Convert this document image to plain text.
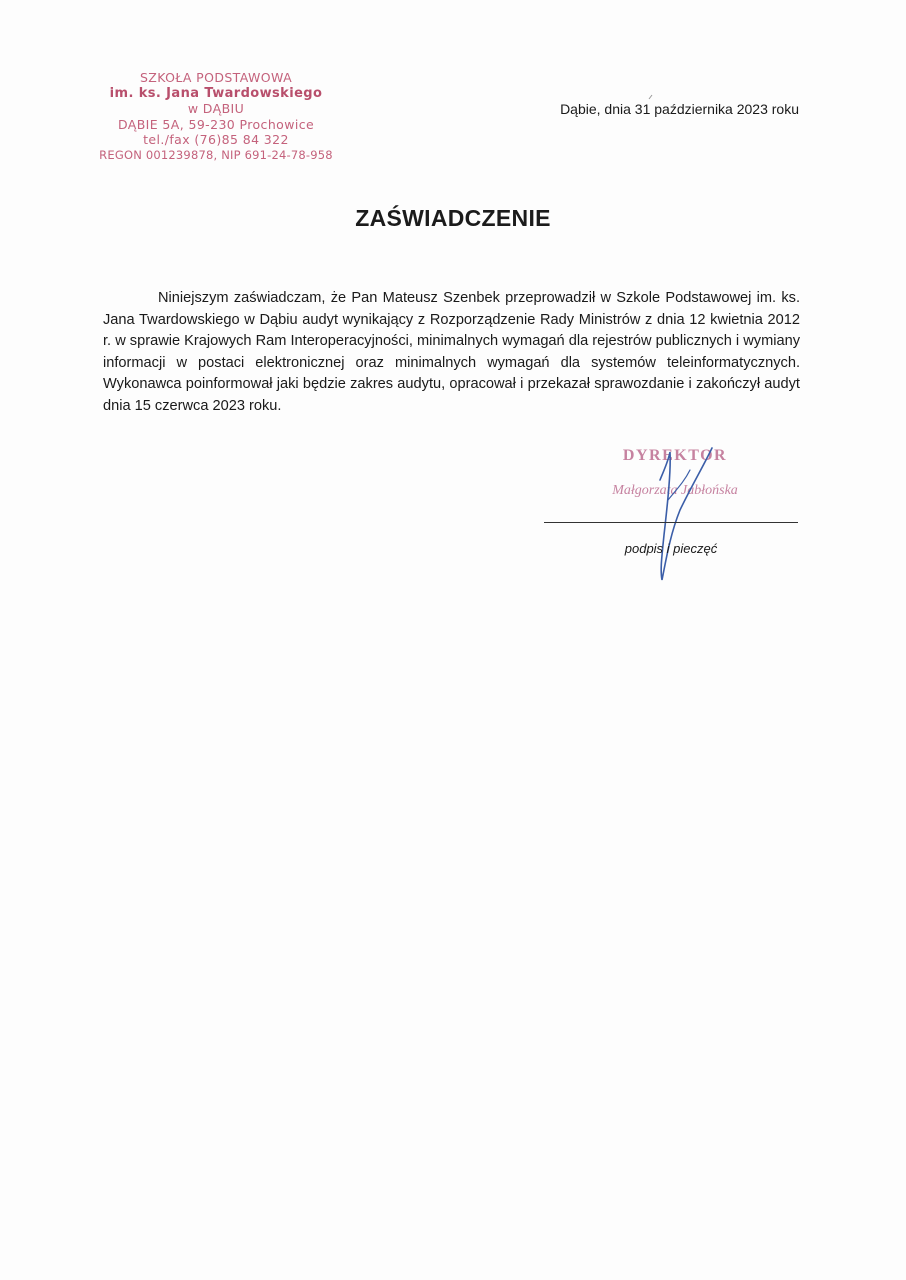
SZKOŁA PODSTAWOWA
im. ks. Jana Twardowskiego
w DĄBIU
DĄBIE 5A, 59-230 Prochowice
tel./fax (76)85 84 322
REGON 001239878, NIP 691-24-78-958
Dąbie, dnia 31 października 2023 roku
ZAŚWIADCZENIE

Niniejszym zaświadczam, że Pan Mateusz Szenbek przeprowadził w Szkole Podstawowej im. ks. Jana Twardowskiego w Dąbiu audyt wynikający z Rozporządzenie Rady Ministrów z dnia 12 kwietnia 2012 r. w sprawie Krajowych Ram Interoperacyjności, minimalnych wymagań dla rejestrów publicznych i wymiany informacji w postaci elektronicznej oraz minimalnych wymagań dla systemów teleinformatycznych. Wykonawca poinformował jaki będzie zakres audytu, opracował i przekazał sprawozdanie i zakończył audyt dnia 15 czerwca 2023 roku.

DYREKTOR
Małgorzata Jabłońska
podpis i pieczęć
